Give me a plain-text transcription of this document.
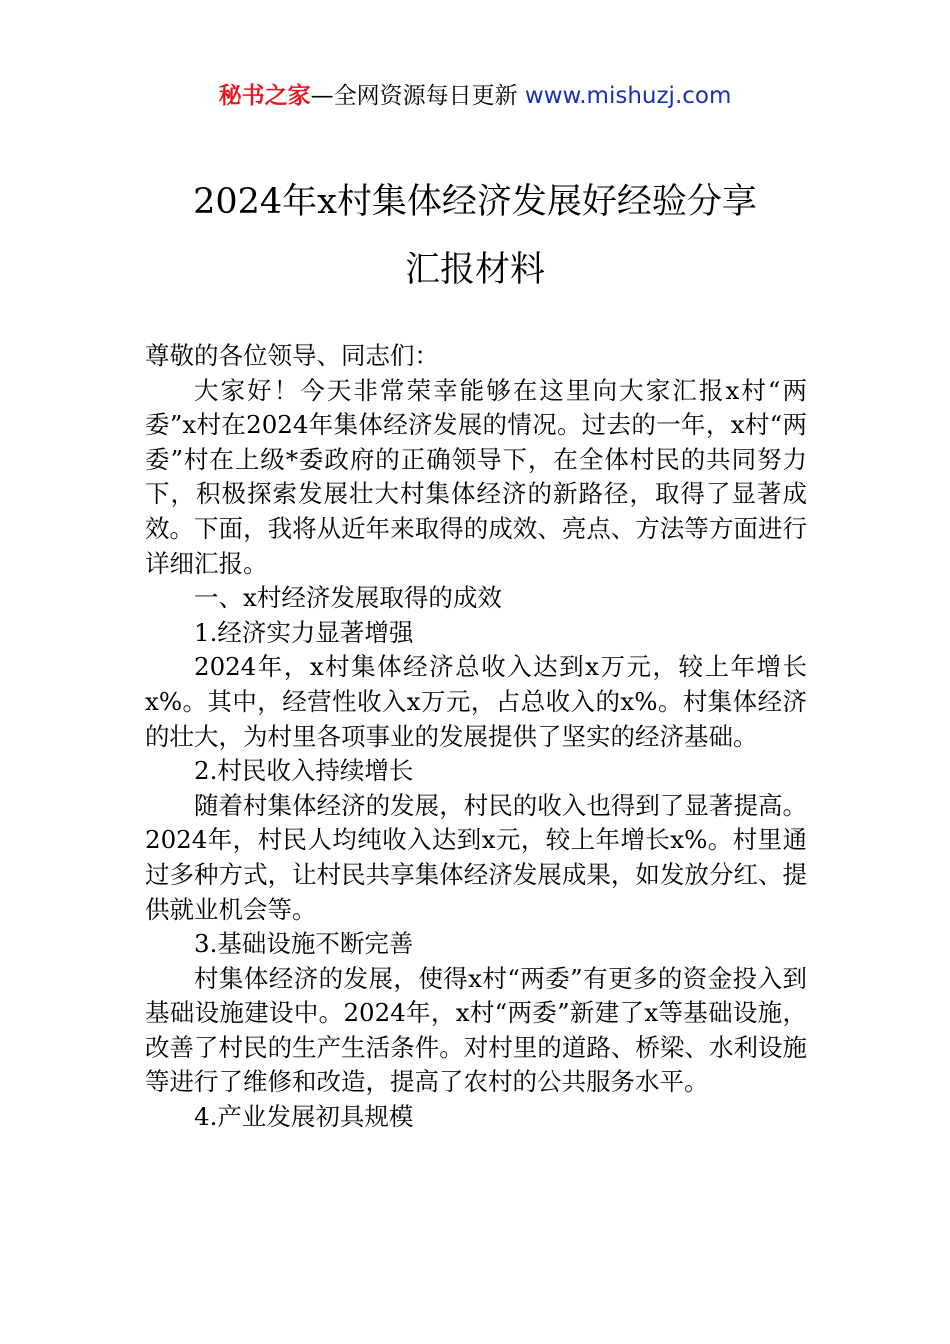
秘书之家—全网资源每日更新 www.mishuzj.com
2024年x村集体经济发展好经验分享
汇报材料

尊敬的各位领导、同志们：

大家好！今天非常荣幸能够在这里向大家汇报x村“两委”x村在2024年集体经济发展的情况。过去的一年，x村“两委”村在上级*委政府的正确领导下，在全体村民的共同努力下，积极探索发展壮大村集体经济的新路径，取得了显著成效。下面，我将从近年来取得的成效、亮点、方法等方面进行详细汇报。

一、x村经济发展取得的成效

1.经济实力显著增强

2024年，x村集体经济总收入达到x万元，较上年增长x%。其中，经营性收入x万元，占总收入的x%。村集体经济的壮大，为村里各项事业的发展提供了坚实的经济基础。

2.村民收入持续增长

随着村集体经济的发展，村民的收入也得到了显著提高。2024年，村民人均纯收入达到x元，较上年增长x%。村里通过多种方式，让村民共享集体经济发展成果，如发放分红、提供就业机会等。

3.基础设施不断完善

村集体经济的发展，使得x村“两委”有更多的资金投入到基础设施建设中。2024年，x村“两委”新建了x等基础设施，改善了村民的生产生活条件。对村里的道路、桥梁、水利设施等进行了维修和改造，提高了农村的公共服务水平。

4.产业发展初具规模
